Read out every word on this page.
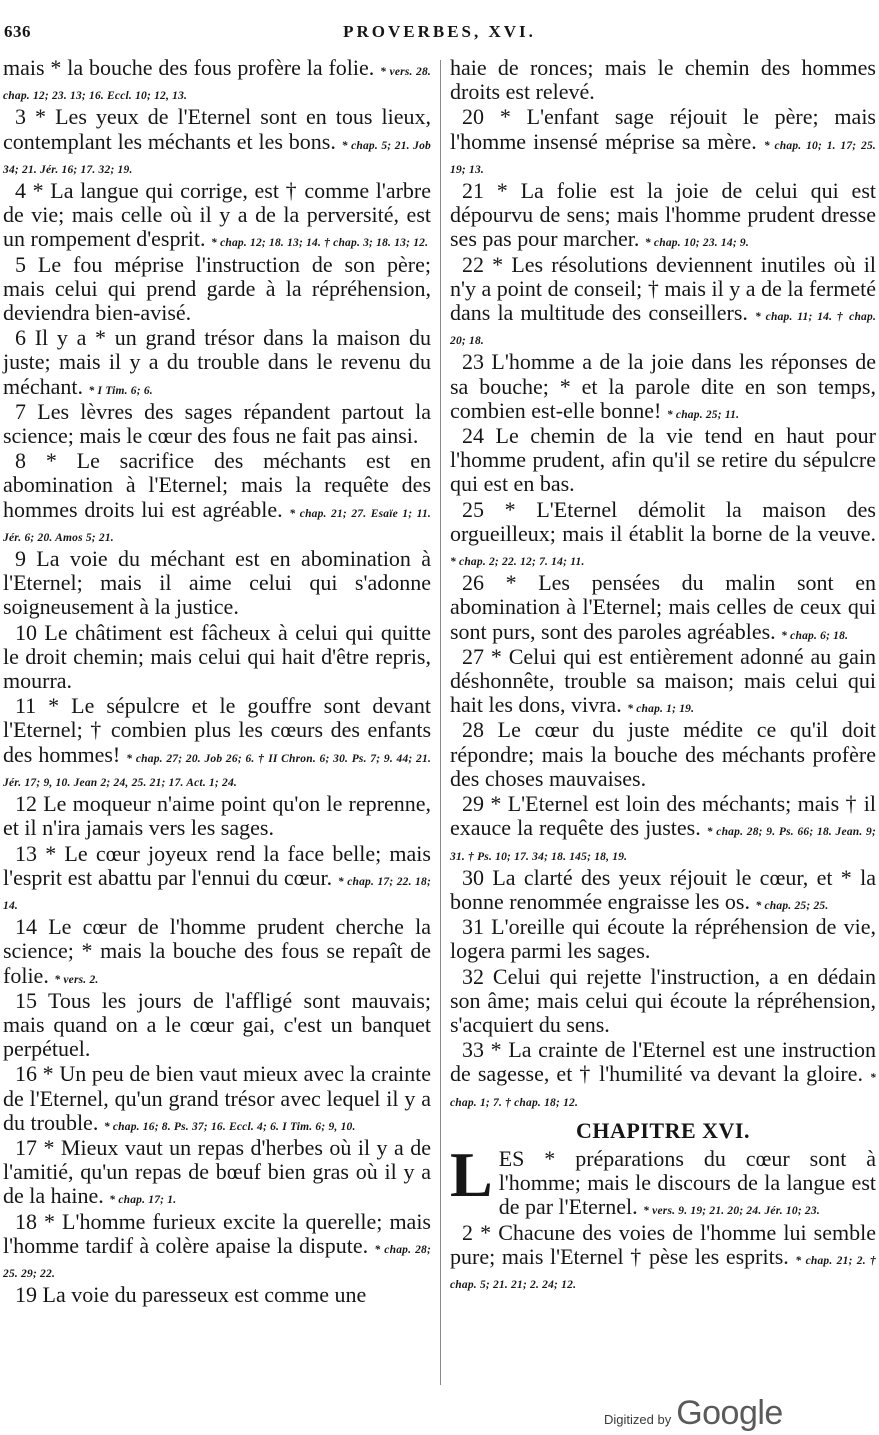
636	PROVERBES, XVI.

mais * la bouche des fous profère la folie. * vers. 28. chap. 12; 23. 13; 16. Eccl. 10; 12, 13.

3 * Les yeux de l'Eternel sont en tous lieux, contemplant les méchants et les bons. * chap. 5; 21. Job 34; 21. Jér. 16; 17. 32; 19.

4 * La langue qui corrige, est † comme l'arbre de vie; mais celle où il y a de la perversité, est un rompement d'esprit. * chap. 12; 18. 13; 14. † chap. 3; 18. 13; 12.

5 Le fou méprise l'instruction de son père; mais celui qui prend garde à la répréhension, deviendra bien-avisé.

6 Il y a * un grand trésor dans la maison du juste; mais il y a du trouble dans le revenu du méchant. * I Tim. 6; 6.

7 Les lèvres des sages répandent partout la science; mais le cœur des fous ne fait pas ainsi.

8 * Le sacrifice des méchants est en abomination à l'Eternel; mais la requête des hommes droits lui est agréable. * chap. 21; 27. Esaïe 1; 11. Jér. 6; 20. Amos 5; 21.

9 La voie du méchant est en abomination à l'Eternel; mais il aime celui qui s'adonne soigneusement à la justice.

10 Le châtiment est fâcheux à celui qui quitte le droit chemin; mais celui qui hait d'être repris, mourra.

11 * Le sépulcre et le gouffre sont devant l'Eternel; † combien plus les cœurs des enfants des hommes! * chap. 27; 20. Job 26; 6. † II Chron. 6; 30. Ps. 7; 9. 44; 21. Jér. 17; 9, 10. Jean 2; 24, 25. 21; 17. Act. 1; 24.

12 Le moqueur n'aime point qu'on le reprenne, et il n'ira jamais vers les sages.

13 * Le cœur joyeux rend la face belle; mais l'esprit est abattu par l'ennui du cœur. * chap. 17; 22. 18; 14.

14 Le cœur de l'homme prudent cherche la science; * mais la bouche des fous se repaît de folie. * vers. 2.

15 Tous les jours de l'affligé sont mauvais; mais quand on a le cœur gai, c'est un banquet perpétuel.

16 * Un peu de bien vaut mieux avec la crainte de l'Eternel, qu'un grand trésor avec lequel il y a du trouble. * chap. 16; 8. Ps. 37; 16. Eccl. 4; 6. I Tim. 6; 9, 10.

17 * Mieux vaut un repas d'herbes où il y a de l'amitié, qu'un repas de bœuf bien gras où il y a de la haine. * chap. 17; 1.

18 * L'homme furieux excite la querelle; mais l'homme tardif à colère apaise la dispute. * chap. 28; 25. 29; 22.

19 La voie du paresseux est comme une

haie de ronces; mais le chemin des hommes droits est relevé.

20 * L'enfant sage réjouit le père; mais l'homme insensé méprise sa mère. * chap. 10; 1. 17; 25. 19; 13.

21 * La folie est la joie de celui qui est dépourvu de sens; mais l'homme prudent dresse ses pas pour marcher. * chap. 10; 23. 14; 9.

22 * Les résolutions deviennent inutiles où il n'y a point de conseil; † mais il y a de la fermeté dans la multitude des conseillers. * chap. 11; 14. † chap. 20; 18.

23 L'homme a de la joie dans les réponses de sa bouche; * et la parole dite en son temps, combien est-elle bonne! * chap. 25; 11.

24 Le chemin de la vie tend en haut pour l'homme prudent, afin qu'il se retire du sépulcre qui est en bas.

25 * L'Eternel démolit la maison des orgueilleux; mais il établit la borne de la veuve. * chap. 2; 22. 12; 7. 14; 11.

26 * Les pensées du malin sont en abomination à l'Eternel; mais celles de ceux qui sont purs, sont des paroles agréables. * chap. 6; 18.

27 * Celui qui est entièrement adonné au gain déshonnête, trouble sa maison; mais celui qui hait les dons, vivra. * chap. 1; 19.

28 Le cœur du juste médite ce qu'il doit répondre; mais la bouche des méchants profère des choses mauvaises.

29 * L'Eternel est loin des méchants; mais † il exauce la requête des justes. * chap. 28; 9. Ps. 66; 18. Jean. 9; 31. † Ps. 10; 17. 34; 18. 145; 18, 19.

30 La clarté des yeux réjouit le cœur, et * la bonne renommée engraisse les os. * chap. 25; 25.

31 L'oreille qui écoute la répréhension de vie, logera parmi les sages.

32 Celui qui rejette l'instruction, a en dédain son âme; mais celui qui écoute la répréhension, s'acquiert du sens.

33 * La crainte de l'Eternel est une instruction de sagesse, et † l'humilité va devant la gloire. * chap. 1; 7. † chap. 18; 12.

CHAPITRE XVI.

LES * préparations du cœur sont à l'homme; mais le discours de la langue est de par l'Eternel. * vers. 9. 19; 21. 20; 24. Jér. 10; 23.

2 * Chacune des voies de l'homme lui semble pure; mais l'Eternel † pèse les esprits. * chap. 21; 2. † chap. 5; 21. 21; 2. 24; 12.

Digitized by Google
